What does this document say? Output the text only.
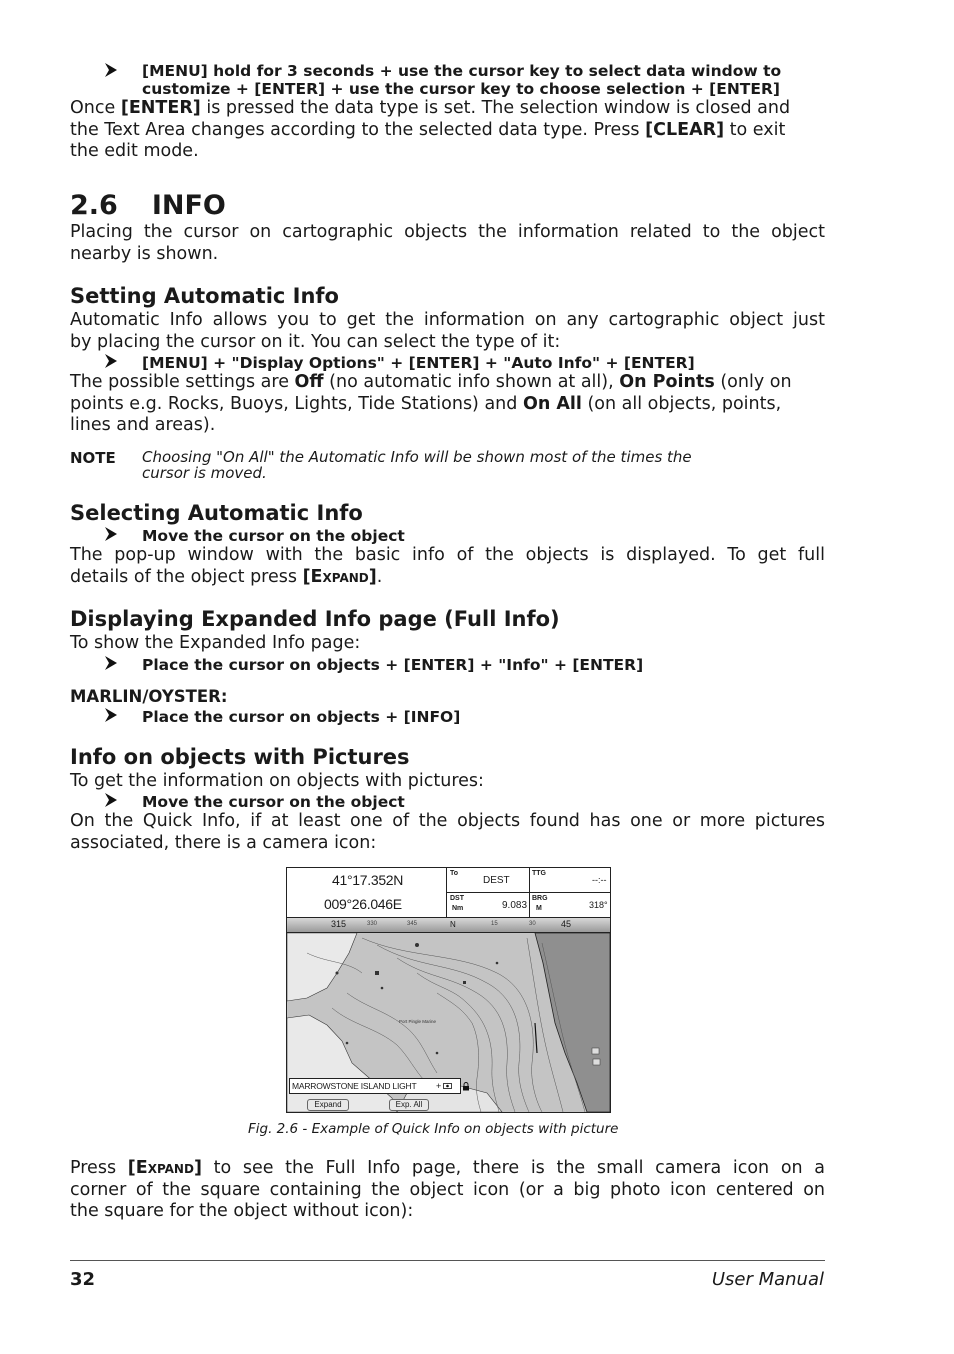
[MENU] hold for 3 seconds + use the cursor key to select data window to
customize + [ENTER] + use the cursor key to choose selection + [ENTER]
Once [ENTER] is pressed the data type is set. The selection window is closed and
the Text Area changes according to the selected data type. Press [CLEAR] to exit
the edit mode.
2.6 INFO
Placing the cursor on cartographic objects the information related to the object
nearby is shown.
Setting Automatic Info
Automatic Info allows you to get the information on any cartographic object just
by placing the cursor on it. You can select the type of it:
[MENU] + "Display Options" + [ENTER] + "Auto Info" + [ENTER]
The possible settings are Off (no automatic info shown at all), On Points (only on
points e.g. Rocks, Buoys, Lights, Tide Stations) and On All (on all objects, points,
lines and areas).
NOTE Choosing "On All" the Automatic Info will be shown most of the times the
cursor is moved.
Selecting Automatic Info
Move the cursor on the object
The pop-up window with the basic info of the objects is displayed. To get full
details of the object press [Expand].
Displaying Expanded Info page (Full Info)
To show the Expanded Info page:
Place the cursor on objects + [ENTER] + "Info" + [ENTER]
MARLIN/OYSTER:
Place the cursor on objects + [INFO]
Info on objects with Pictures
To get the information on objects with pictures:
Move the cursor on the object
On the Quick Info, if at least one of the objects found has one or more pictures
associated, there is a camera icon:
41°17.352N
009°26.046E
To
DEST
TTG
--:--
DST
Nm	9.083
BRG
M	318°
315	330	345	N	15	30	45
Port Pingle Marine
MARROWSTONE ISLAND LIGHT +
Expand	Exp. All
Fig. 2.6 - Example of Quick Info on objects with picture
Press [Expand] to see the Full Info page, there is the small camera icon on a
corner of the square containing the object icon (or a big photo icon centered on
the square for the object without icon):
32	User Manual
